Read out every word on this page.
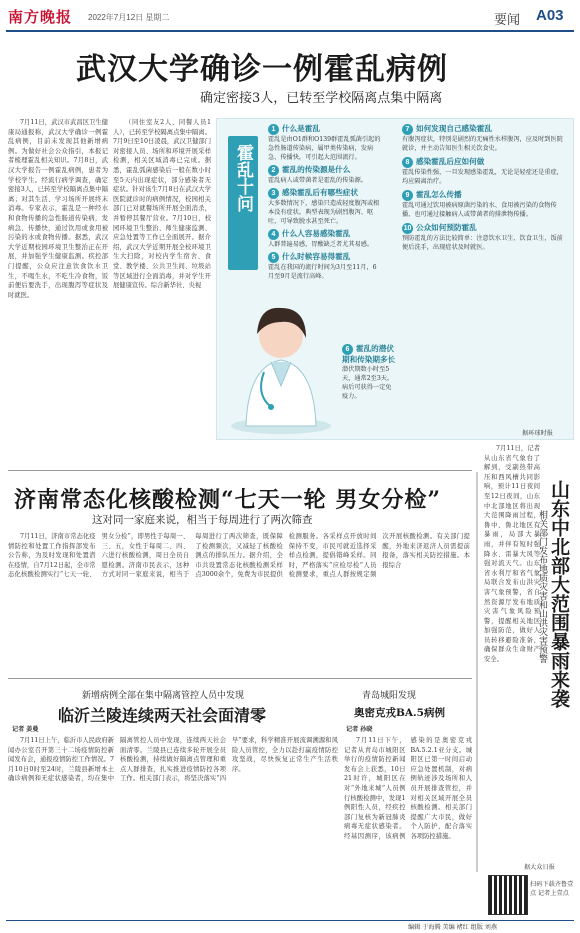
南方晚报 2022年7月12日 星期二	要闻 A03
武汉大学确诊一例霍乱病例
确定密接3人，已转至学校隔离点集中隔离

7月11日，武汉市武昌区卫生健康局通报称，武汉大学确诊一例霍乱病例，目前未发现其他新增病例。为做好社会公众指引，本报记者梳理霍乱相关知识。7月8日，武汉大学报告一例霍乱病例，患者为学校学生。经流行病学调查，确定密接3人，已转至学校隔离点集中隔离；对其生活、学习场所开展终末消毒。专家表示，霍乱是一种经水和食物传播的急性肠道传染病，发病急、传播快，通过饮用或食用被污染的水或食物传播。据悉，武汉大学近期校园环境卫生整治正在开展，并加强学生健康监测。疾控部门提醒，公众应注意饮食饮水卫生，不喝生水，不吃生冷食物，饭前便后要洗手，出现腹泻等症状及时就医。

（同住室友2人、同餐人员1人），已转至学校隔离点集中隔离。7月9日至10日凌晨，武汉卫健部门对密接人员、场所和环境开展采样检测，相关区域消毒已完成。据悉，霍乱弧菌感染后一般在数小时至5天内出现症状，部分感染者无症状。针对该生7月8日在武汉大学医院就诊时的病例情况，校园相关部门已对就餐场所开展全面消杀，并暂停其餐厅营业。7月10日，校园环境卫生整治、师生健康监测、应急处置等工作已全面展开。据介绍，武汉大学近期开展全校环境卫生大扫除，对校内学生宿舍、食堂、教学楼、公共卫生间、垃圾站等区域进行全面消毒，并对学生开展健康宣传。综合新华社、央视

霍乱十问
1 什么是霍乱
霍乱是由O1群和O139群霍乱弧菌引起的急性肠道传染病，属甲类传染病，发病急、传播快，可引起大范围流行。
2 霍乱的传染源是什么
霍乱病人或带菌者是霍乱的传染源。
3 感染霍乱后有哪些症状
大多数情况下，感染只造成轻度腹泻或根本没有症状。典型表现为剧烈腹泻、呕吐，可导致脱水甚至死亡。
4 什么人容易感染霍乱
人群普遍易感，胃酸缺乏者尤其易感。
5 什么时候容易得霍乱
霍乱在我国的流行时间为3月至11月，6月至9月是流行高峰。
6 霍乱的潜伏期和传染期多长
潜伏期数小时至5天，通常2至3天。病后可获得一定免疫力。
7 如何发现自己感染霍乱
有腹泻症状，特别是剧烈的无痛性水样腹泻，应及时到医院就诊，并主动告知医生相关饮食史。
8 感染霍乱后应如何做
霍乱传染性强，一旦发现感染霍乱，无论是轻症还是重症，均应隔离治疗。
9 霍乱怎么传播
霍乱可通过饮用被病原菌污染的水、食用被污染的食物传播，也可通过接触病人或带菌者的排泄物传播。
10 公众如何预防霍乱
预防霍乱的方法比较简单：注意饮水卫生、饮食卫生，饭前便后洗手，出现症状及时就医。
据环球时报
济南常态化核酸检测“七天一轮 男女分检”
这对同一家庭来说，相当于每周进行了两次筛查

7月11日，济南市常态化疫情防控和处置工作指挥部发布公告称，为及时发现和处置潜在疫情，自7月12日起，全市常态化核酸检测实行“七天一轮、男女分检”，即男性于每周一、三、五，女性于每周二、四、六进行核酸检测，周日全员自愿检测。济南市民表示，这种方式对同一家庭来说，相当于每周进行了两次筛查，既保障了检测频次，又减轻了核酸检测点的排队压力。据介绍，全市共设置常态化核酸检测采样点3000余个，免费为市民提供检测服务。各采样点开放时间保持不变，市民可就近选择采样点检测，提倡错峰采样。同时，严格落实“应检尽检”人员检测要求，重点人群按规定频次开展核酸检测。有关部门提醒，外地来济返济人员需提前报备，落实相关防控措施。本报综合

新增病例全部在集中隔离管控人员中发现
临沂兰陵连续两天社会面清零
记者 姜曼

7月11日上午，临沂市人民政府新闻办公室召开第三十二场疫情防控新闻发布会，通报疫情防控工作情况。7月10日0时至24时，兰陵县新增本土确诊病例和无症状感染者，均在集中隔离管控人员中发现，连续两天社会面清零。兰陵县已连续多轮开展全员核酸检测，持续做好隔离点管理和重点人群排查，扎实推进疫情防控各项工作。相关部门表示，将坚决落实“四早”要求，科学精准开展流调溯源和风险人员管控，全力以赴打赢疫情防控攻坚战，尽快恢复正常生产生活秩序。

青岛城阳发现
奥密克戎BA.5病例
记者 孙晓

7月11日下午，记者从青岛市城阳区举行的疫情防控新闻发布会上获悉，10日21时许，城阳区在对“外地来城”人员例行核酸检测中，发现1例阳性人员，经疾控部门复核为新冠肺炎病毒无症状感染者。经基因测序，该病例感染的是奥密克戎BA.5.2.1亚分支。城阳区已第一时间启动应急处置机制，对病例轨迹涉及场所和人员开展排查管控，并对相关区域开展全员核酸检测。相关部门提醒广大市民，做好个人防护，配合落实各项防控措施。

7月11日，记者从山东省气象台了解到，受副热带高压和西风槽共同影响，预计11日夜间至12日夜间，山东中北部地区将出现大范围降雨过程，鲁中、鲁北地区有暴雨，局部大暴雨，并伴有短时强降水、雷暴大风等强对流天气。山东省水利厅和省气象局联合发布山洪灾害气象预警，省自然资源厅发布地质灾害气象风险预警，提醒相关地区加强防范，做好人员转移避险准备，确保群众生命财产安全。	山东中北部大范围暴雨来袭
相关部门发布地质灾害和山洪灾害预警
据大众日报
扫码下载齐鲁壹点 记者上壹点
编辑 于海腾 美编 褚红 组版 刘燕
